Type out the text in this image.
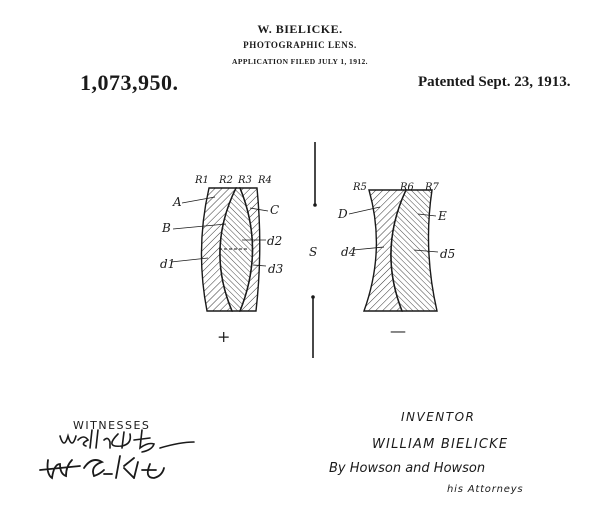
W. BIELICKE.
PHOTOGRAPHIC LENS.
APPLICATION FILED JULY 1, 1912.
1,073,950.	Patented Sept. 23, 1913.
R1 R2 R3 R4
A
B
C
d1
d2
d3
S
R5	R6 R7
D	E
d4	d5
+	—
WITNESSES
INVENTOR
WILLIAM BIELICKE
By Howson and Howson
his Attorneys
